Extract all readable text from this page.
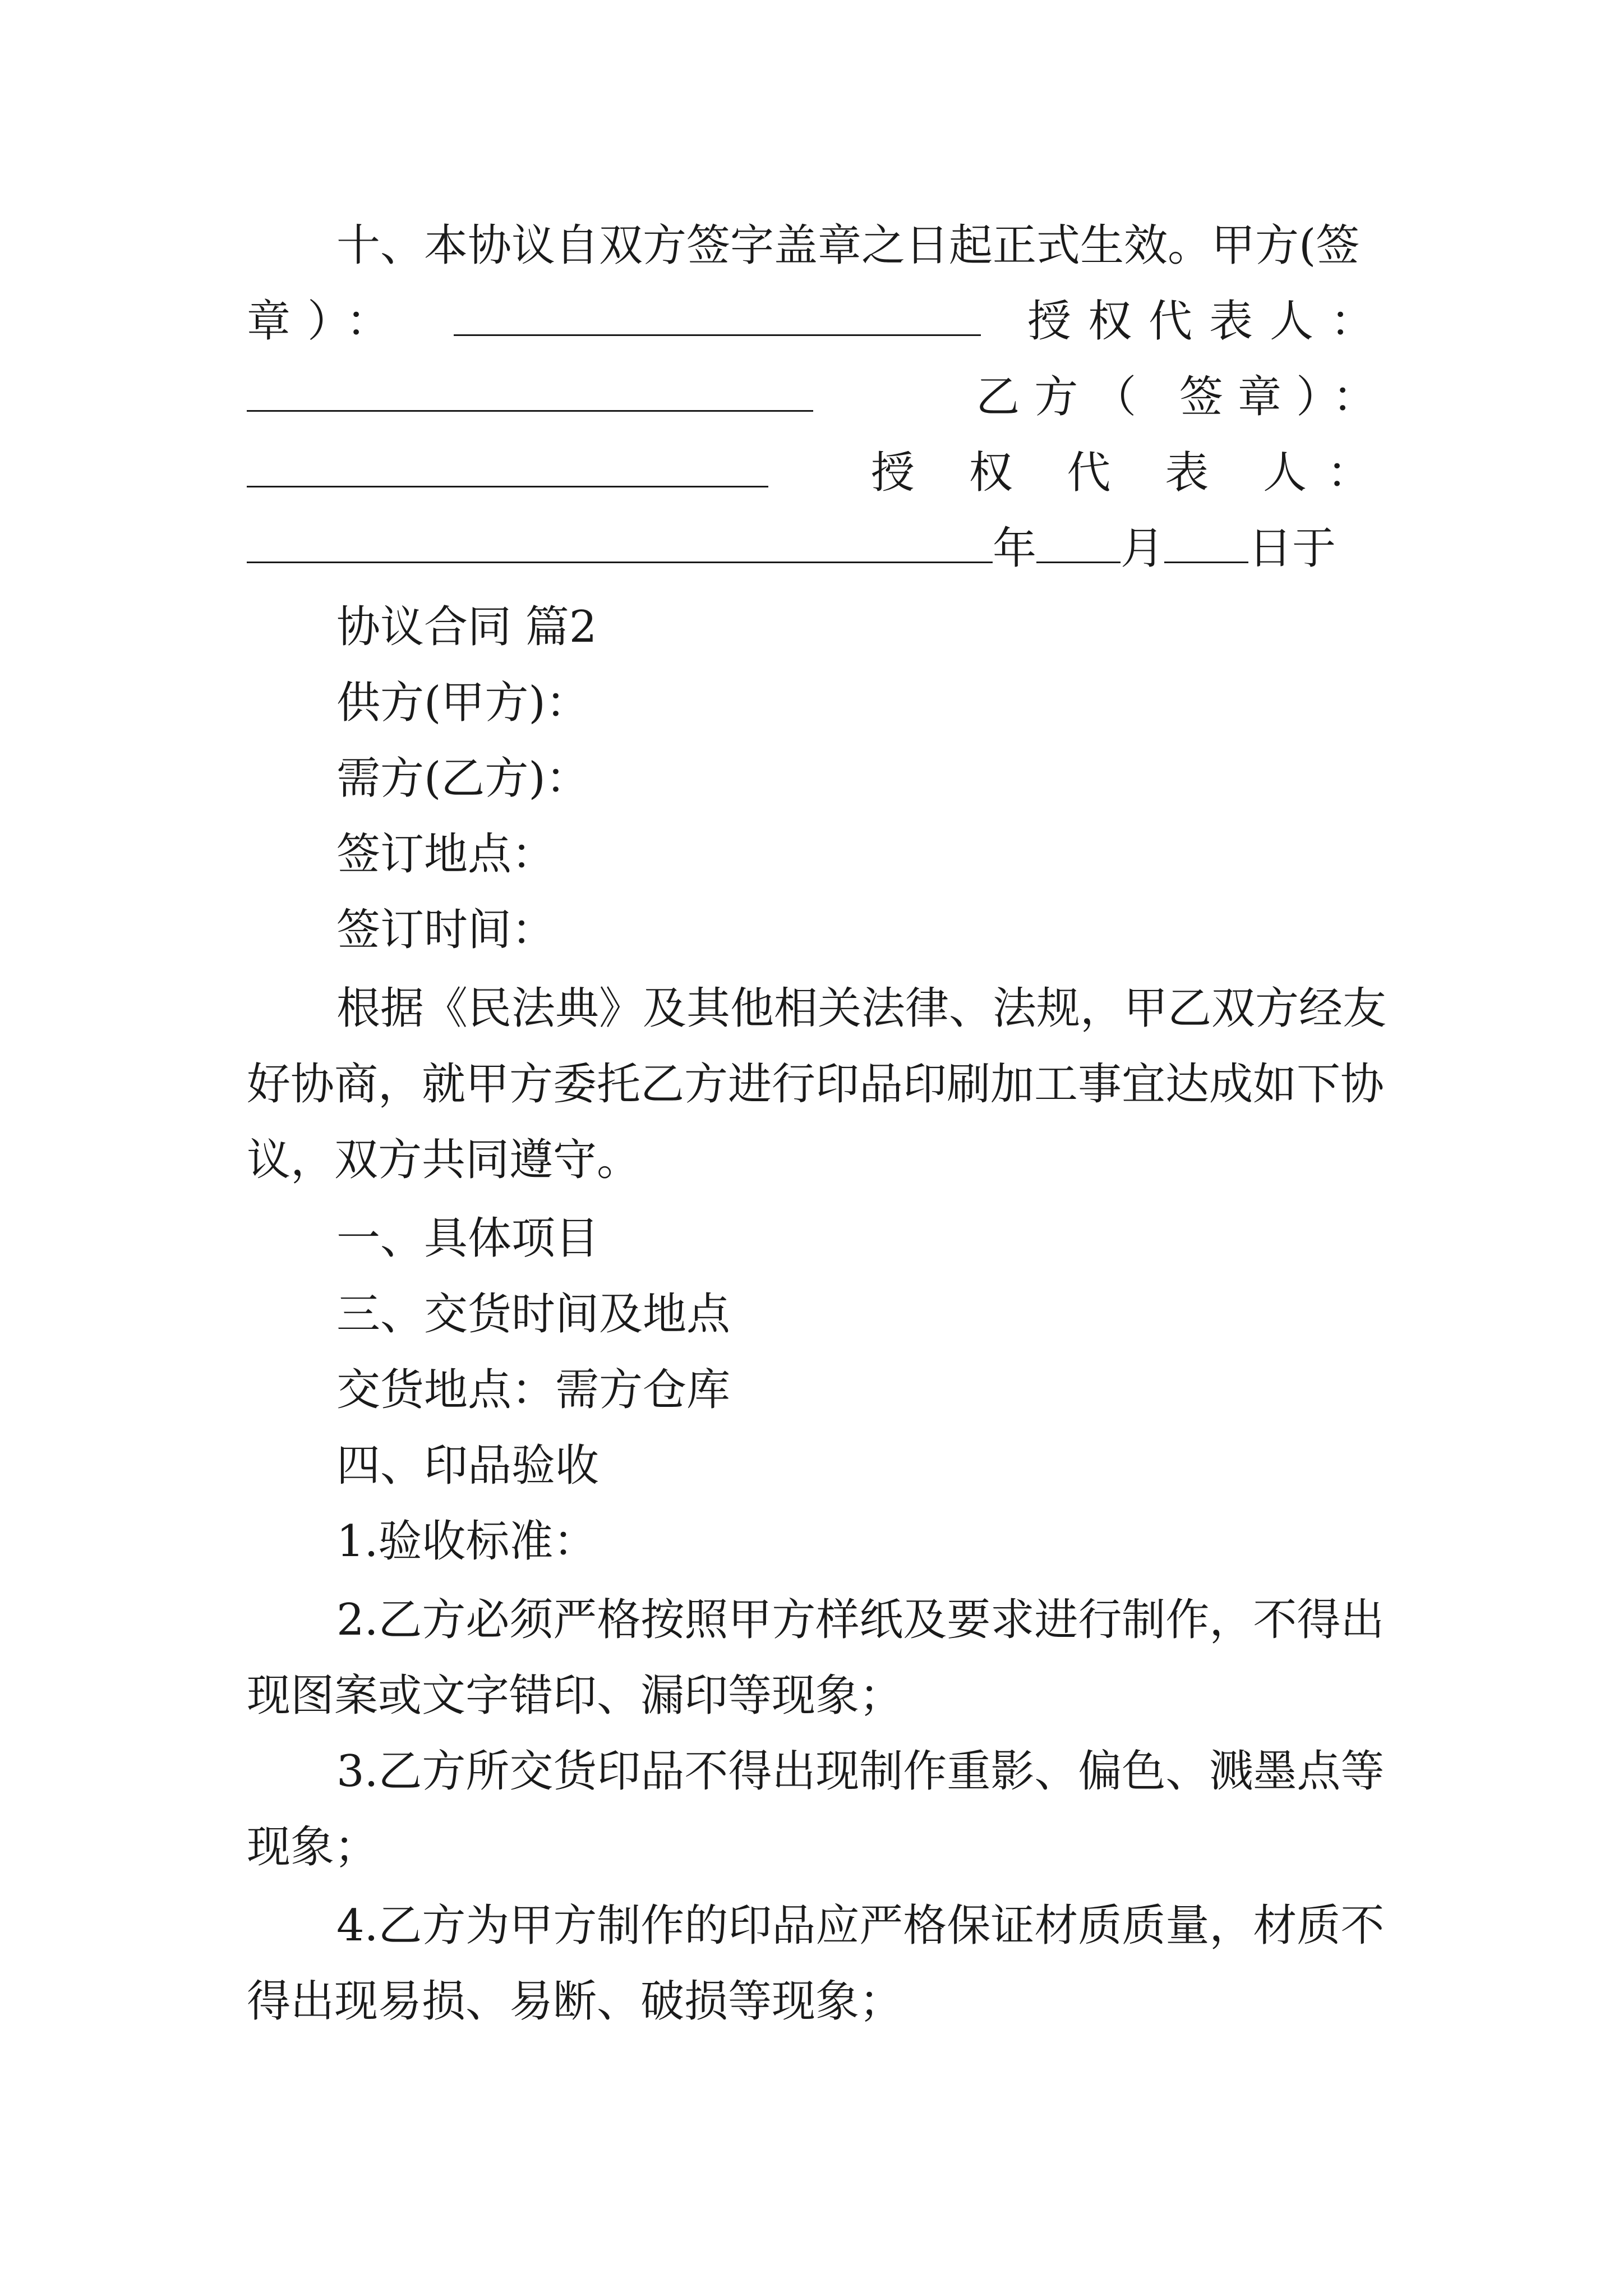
十、本协议自双方签字盖章之日起正式生效。甲方(签
章）：	授权代表人：
乙方（ 签章）：
授 权 代 表 人：
年 月 日于
协议合同 篇2
供方(甲方)：
需方(乙方)：
签订地点：
签订时间：
根据《民法典》及其他相关法律、法规，甲乙双方经友
好协商，就甲方委托乙方进行印品印刷加工事宜达成如下协
议，双方共同遵守。
一、具体项目
三、交货时间及地点
交货地点：需方仓库
四、印品验收
1.验收标准：
2.乙方必须严格按照甲方样纸及要求进行制作，不得出
现图案或文字错印、漏印等现象；
3.乙方所交货印品不得出现制作重影、偏色、溅墨点等
现象；
4.乙方为甲方制作的印品应严格保证材质质量，材质不
得出现易损、易断、破损等现象；
